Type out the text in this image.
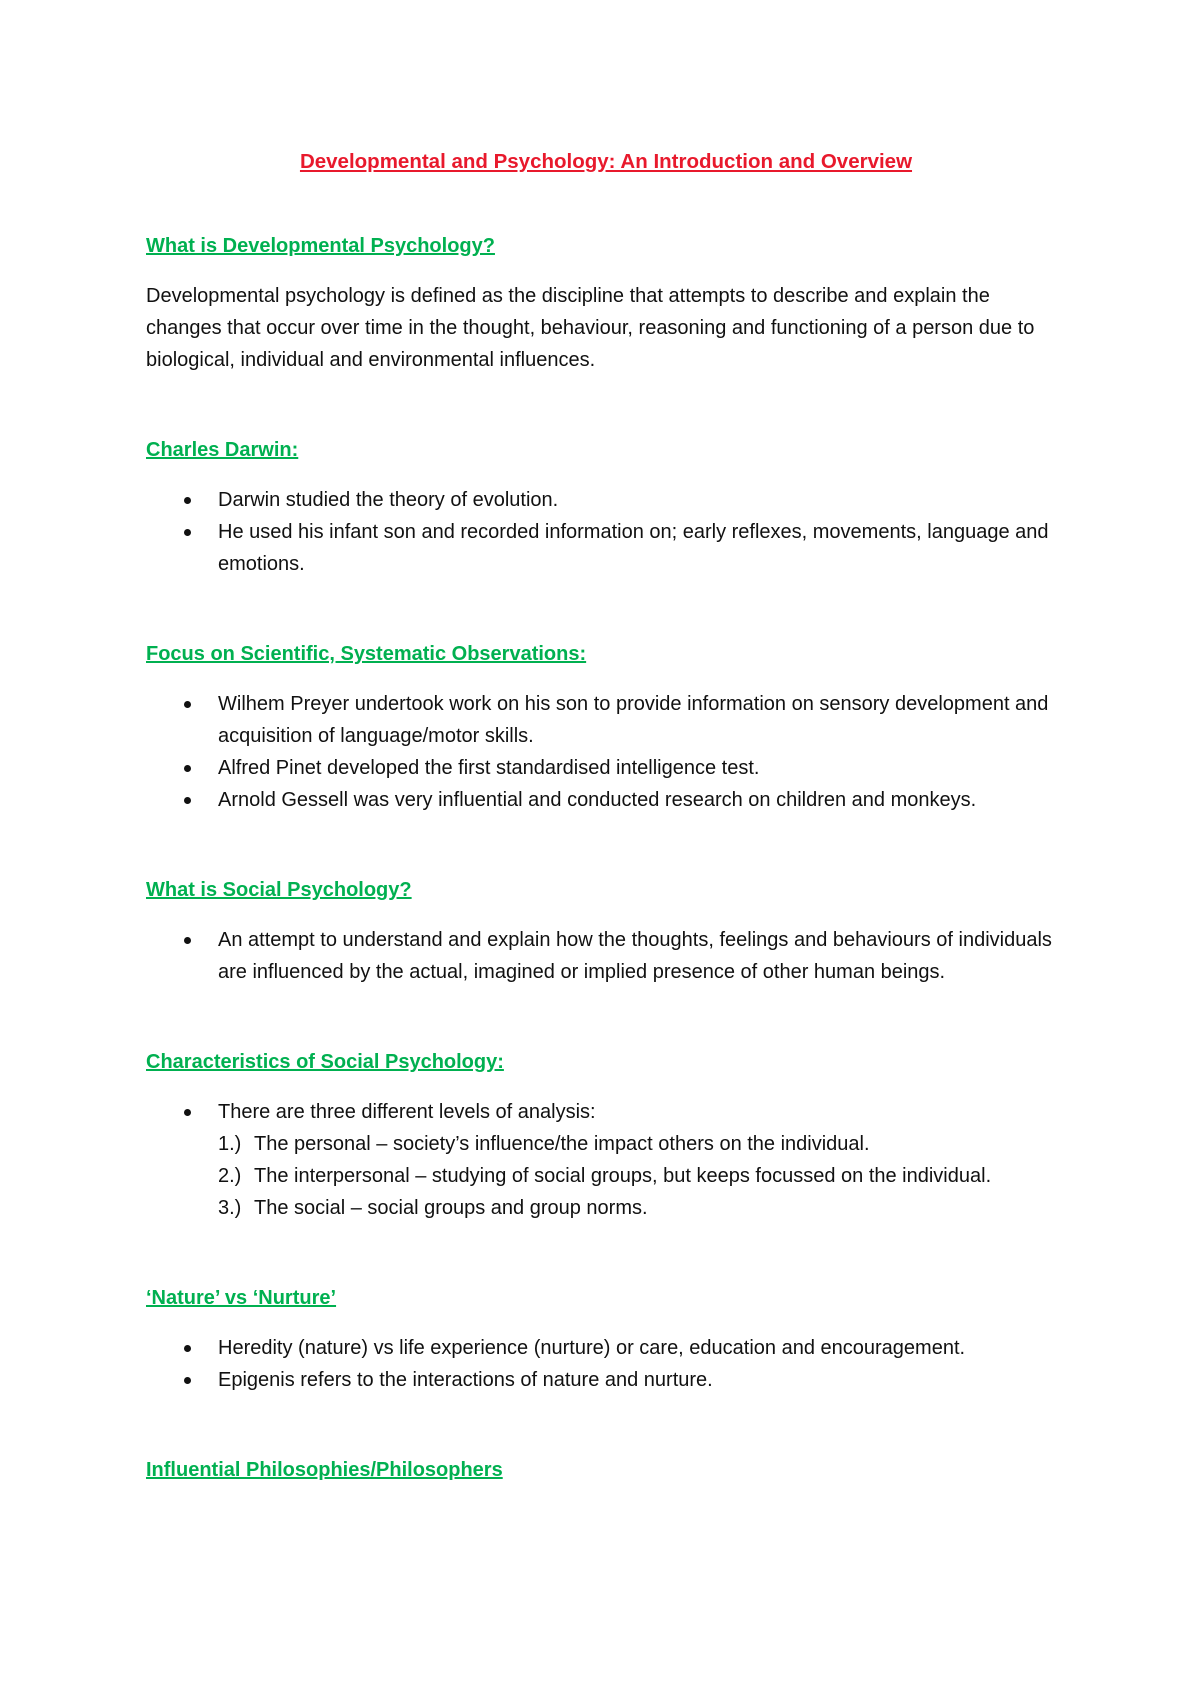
Developmental and Psychology: An Introduction and Overview
What is Developmental Psychology?
Developmental psychology is defined as the discipline that attempts to describe and explain the changes that occur over time in the thought, behaviour, reasoning and functioning of a person due to biological, individual and environmental influences.
Charles Darwin:
Darwin studied the theory of evolution.
He used his infant son and recorded information on; early reflexes, movements, language and emotions.
Focus on Scientific, Systematic Observations:
Wilhem Preyer undertook work on his son to provide information on sensory development and acquisition of language/motor skills.
Alfred Pinet developed the first standardised intelligence test.
Arnold Gessell was very influential and conducted research on children and monkeys.
What is Social Psychology?
An attempt to understand and explain how the thoughts, feelings and behaviours of individuals are influenced by the actual, imagined or implied presence of other human beings.
Characteristics of Social Psychology:
There are three different levels of analysis:
1.) The personal – society’s influence/the impact others on the individual.
2.) The interpersonal – studying of social groups, but keeps focussed on the individual.
3.) The social – social groups and group norms.
‘Nature’ vs ‘Nurture’
Heredity (nature) vs life experience (nurture) or care, education and encouragement.
Epigenis refers to the interactions of nature and nurture.
Influential Philosophies/Philosophers
